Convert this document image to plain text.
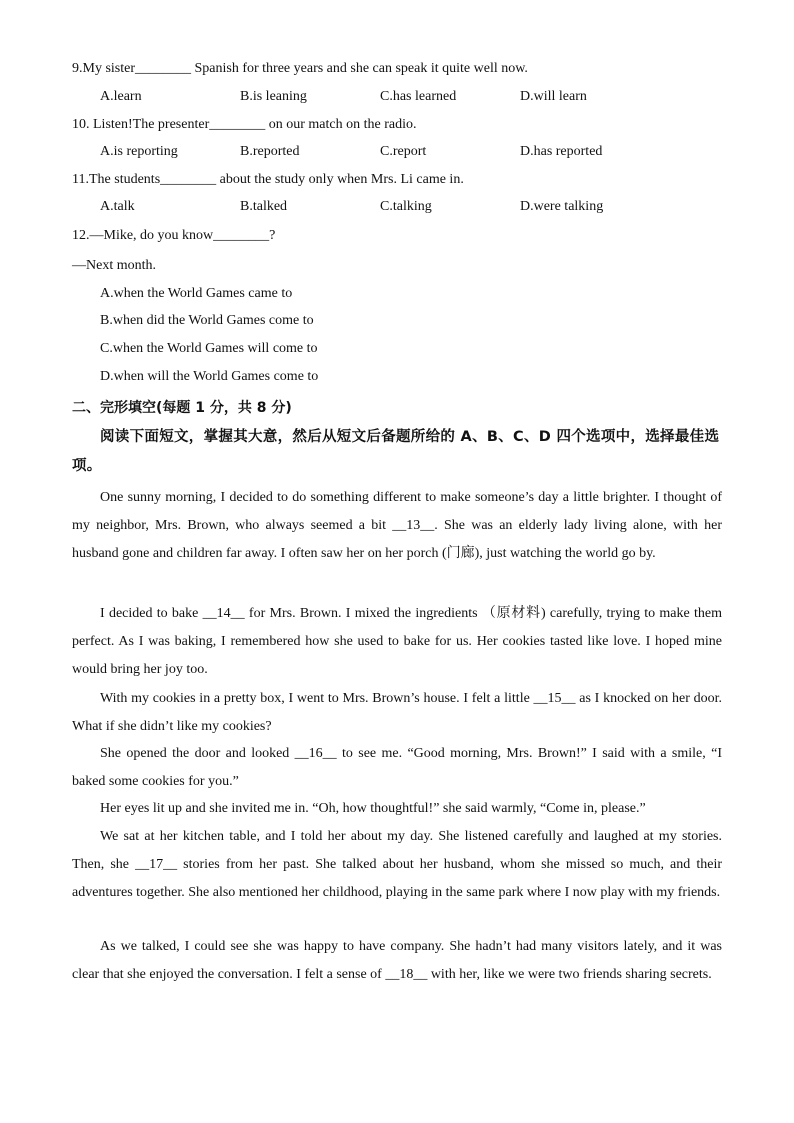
9.My sister________ Spanish for three years and she can speak it quite well now.
A.learn	B.is leaning	C.has learned	D.will learn
10. Listen!The presenter________ on our match on the radio.
A.is reporting	B.reported	C.report	D.has reported
11.The students________ about the study only when Mrs. Li came in.
A.talk	B.talked	C.talking	D.were talking
12.—Mike, do you know________?
—Next month.
A.when the World Games came to
B.when did the World Games come to
C.when the World Games will come to
D.when will the World Games come to
二、完形填空(每题 1 分，共 8 分)
阅读下面短文，掌握其大意，然后从短文后备题所给的 A、B、C、D 四个选项中，选择最佳选项。
One sunny morning, I decided to do something different to make someone’s day a little brighter. I thought of my neighbor, Mrs. Brown, who always seemed a bit __13__. She was an elderly lady living alone, with her husband gone and children far away. I often saw her on her porch (门廊), just watching the world go by.
I decided to bake __14__ for Mrs. Brown. I mixed the ingredients （原材料) carefully, trying to make them perfect. As I was baking, I remembered how she used to bake for us. Her cookies tasted like love. I hoped mine would bring her joy too.
With my cookies in a pretty box, I went to Mrs. Brown’s house. I felt a little __15__ as I knocked on her door. What if she didn’t like my cookies?
She opened the door and looked __16__ to see me. “Good morning, Mrs. Brown!” I said with a smile, “I baked some cookies for you.”
Her eyes lit up and she invited me in. “Oh, how thoughtful!” she said warmly, “Come in, please.”
We sat at her kitchen table, and I told her about my day. She listened carefully and laughed at my stories. Then, she __17__ stories from her past. She talked about her husband, whom she missed so much, and their adventures together. She also mentioned her childhood, playing in the same park where I now play with my friends.
As we talked, I could see she was happy to have company. She hadn’t had many visitors lately, and it was clear that she enjoyed the conversation. I felt a sense of __18__ with her, like we were two friends sharing secrets.
